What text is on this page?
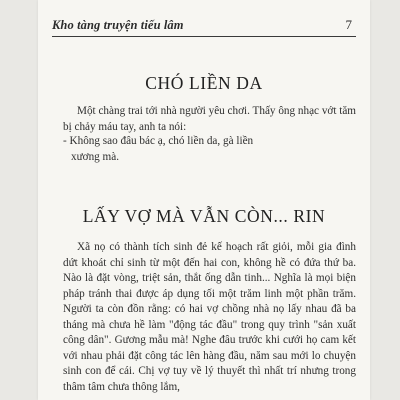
Kho tàng truyện tiếu lâm	7
CHÓ LIỀN DA

Một chàng trai tới nhà người yêu chơi. Thấy ông nhạc vớt tăm bị chảy máu tay, anh ta nói:

- Không sao đâu bác ạ, chó liền da, gà liền
xương mà.

LẤY VỢ MÀ VẪN CÒN... RIN

Xã nọ có thành tích sinh đẻ kế hoạch rất giỏi, mỗi gia đình dứt khoát chỉ sinh từ một đến hai con, không hề có đứa thứ ba. Nào là đặt vòng, triệt sản, thắt ống dẫn tinh... Nghĩa là mọi biện pháp tránh thai được áp dụng tối một trăm linh một phần trăm. Người ta còn đồn rằng: có hai vợ chồng nhà nọ lấy nhau đã ba tháng mà chưa hề làm "động tác đầu" trong quy trình "sản xuất công dân". Gương mẫu mà! Nghe đâu trước khi cưới họ cam kết với nhau phải đặt công tác lên hàng đầu, năm sau mới lo chuyện sinh con để cái. Chị vợ tuy về lý thuyết thì nhất trí nhưng trong thâm tâm chưa thông lắm,
